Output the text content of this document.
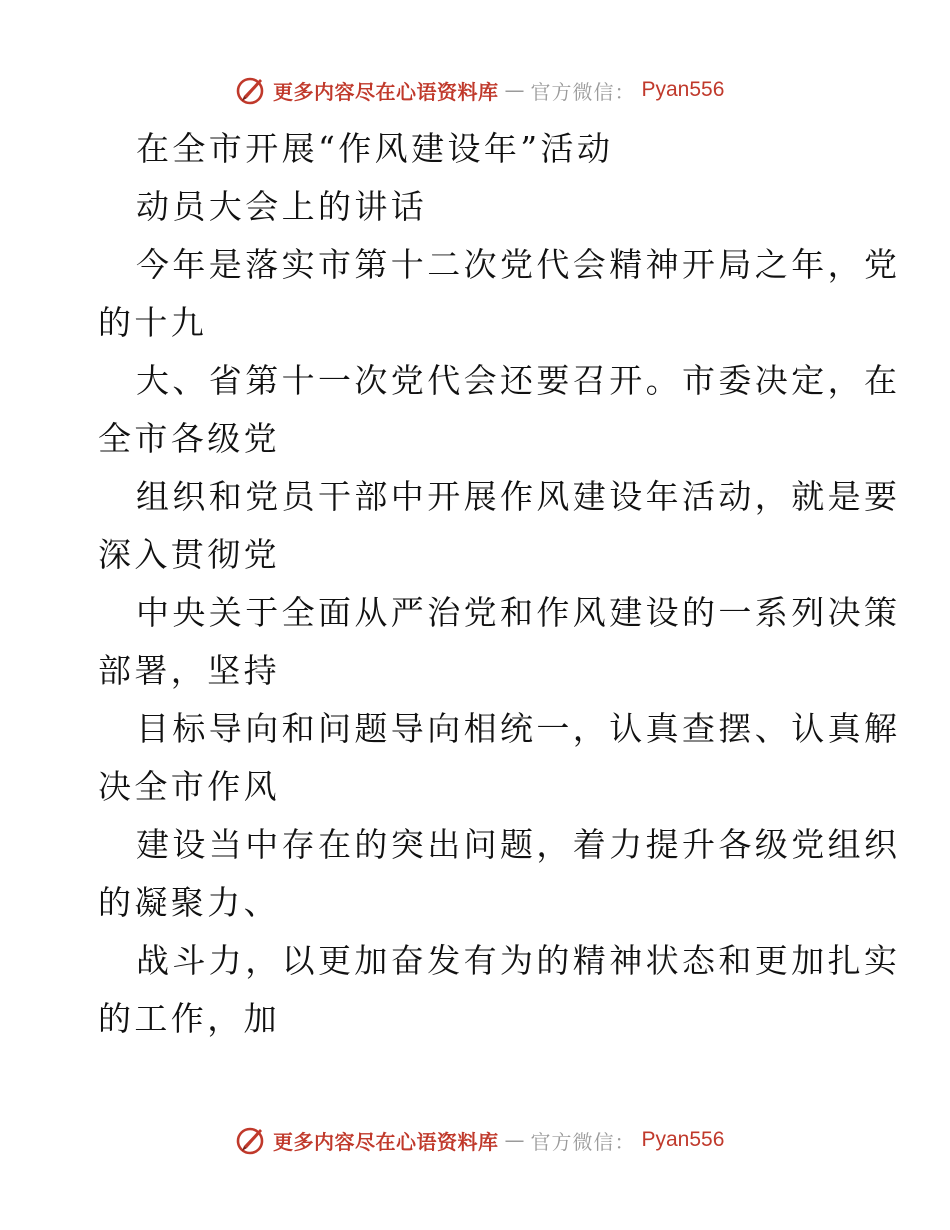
更多内容尽在心语资料库 — 官方微信： Pyan556

在全市开展“作风建设年”活动

动员大会上的讲话

今年是落实市第十二次党代会精神开局之年，党

的十九

大、省第十一次党代会还要召开。市委决定，在

全市各级党

组织和党员干部中开展作风建设年活动，就是要

深入贯彻党

中央关于全面从严治党和作风建设的一系列决策

部署，坚持

目标导向和问题导向相统一，认真查摆、认真解

决全市作风

建设当中存在的突出问题，着力提升各级党组织

的凝聚力、

战斗力，以更加奋发有为的精神状态和更加扎实

的工作，加

更多内容尽在心语资料库 — 官方微信： Pyan556
